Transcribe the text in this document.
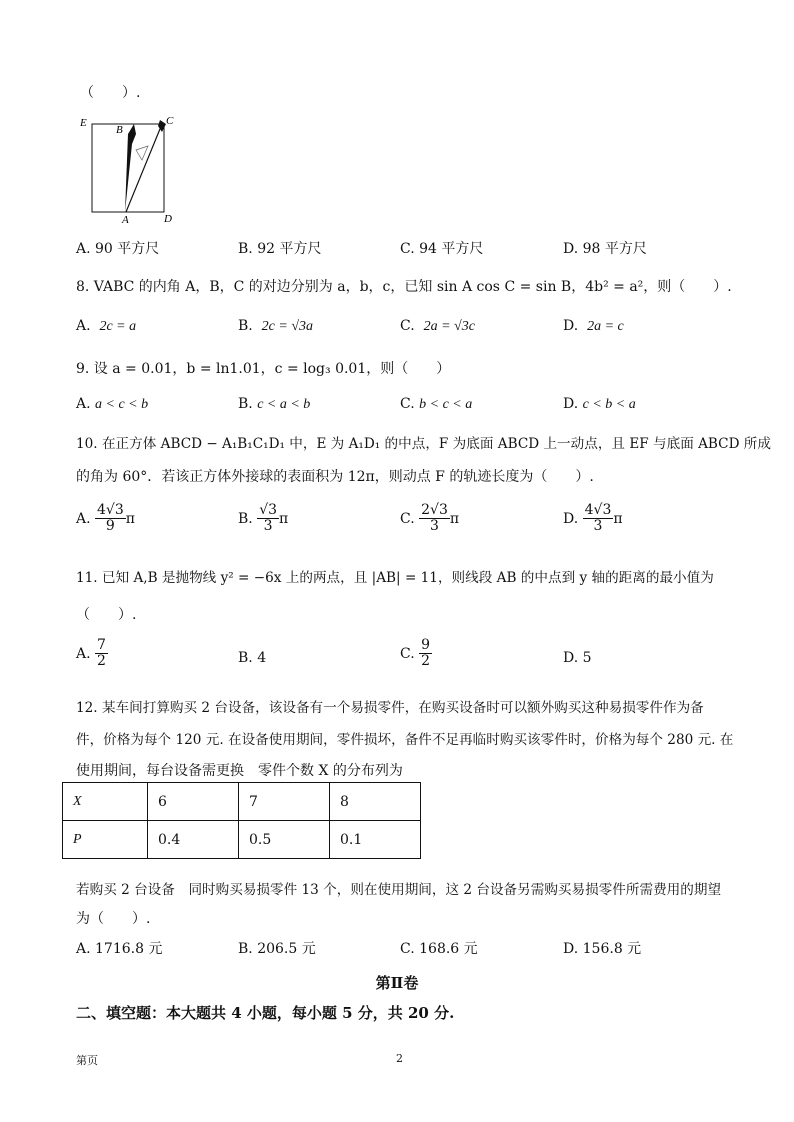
（　　）.
E
B
C
A	D
A. 90 平方尺	B. 92 平方尺	C. 94 平方尺	D. 98 平方尺
8. VABC 的内角 A，B，C 的对边分别为 a，b，c，已知 sin A cos C = sin B，4b² = a²，则（　　）.
A. 2c = a	B. 2c = √3a	C. 2a = √3c	D. 2a = c
9. 设 a = 0.01，b = ln1.01，c = log₃ 0.01，则（　　）
A. a < c < b	B. c < a < b	C. b < c < a	D. c < b < a
10. 在正方体 ABCD − A₁B₁C₁D₁ 中，E 为 A₁D₁ 的中点，F 为底面 ABCD 上一动点，且 EF 与底面 ABCD 所成
的角为 60°．若该正方体外接球的表面积为 12π，则动点 F 的轨迹长度为（　　）.
A. $\frac{4√3}{9}$ π	B. $\frac{√3}{3}$ π	C. $\frac{2√3}{3}$ π	D. $\frac{4√3}{3}$ π
11. 已知 A,B 是抛物线 y² = −6x 上的两点，且 |AB| = 11，则线段 AB 的中点到 y 轴的距离的最小值为
（　　）.
A. $\frac{7}{2}$	B. 4	C. $\frac{9}{2}$	D. 5
12. 某车间打算购买 2 台设备，该设备有一个易损零件，在购买设备时可以额外购买这种易损零件作为备
件，价格为每个 120 元. 在设备使用期间，零件损坏，备件不足再临时购买该零件时，价格为每个 280 元. 在
使用期间，每台设备需更换　零件个数 X 的分布列为
X	6	7	8
P	0.4	0.5	0.1
若购买 2 台设备　同时购买易损零件 13 个，则在使用期间，这 2 台设备另需购买易损零件所需费用的期望
为（　　）.
A. 1716.8 元	B. 206.5 元	C. 168.6 元	D. 156.8 元
第Ⅱ卷
二、填空题：本大题共 4 小题，每小题 5 分，共 20 分.
第页	2
